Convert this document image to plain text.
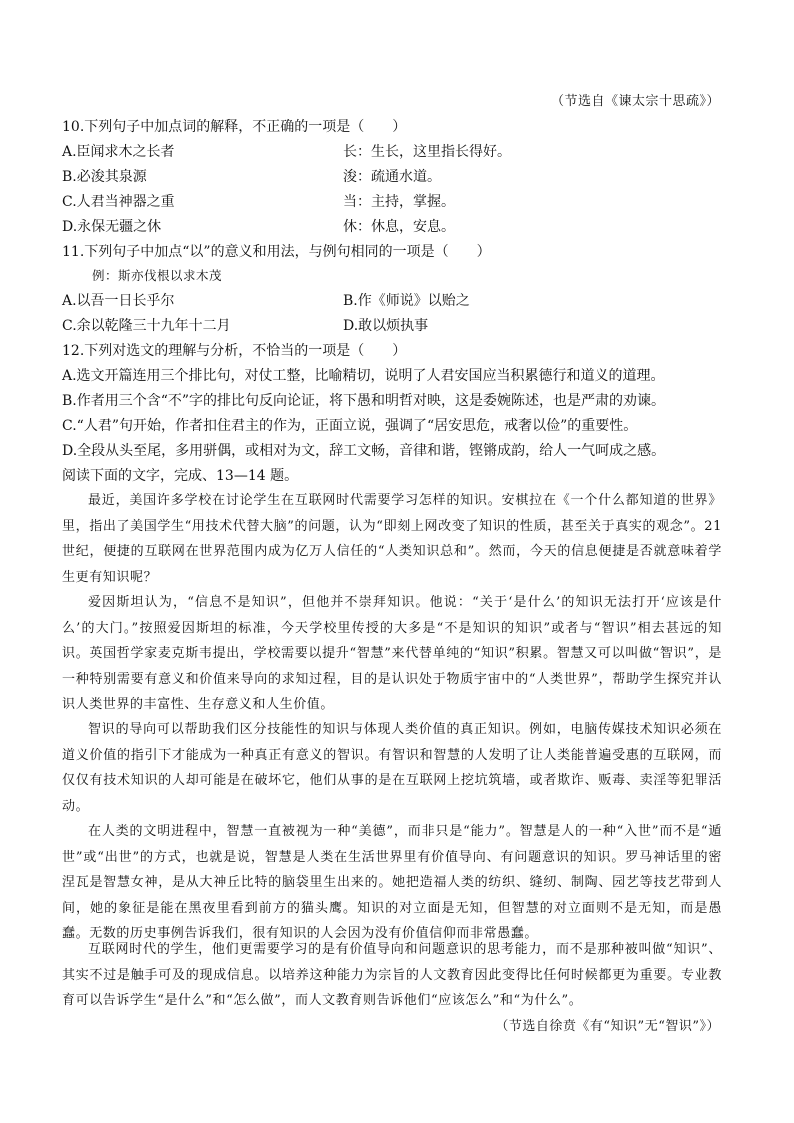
（节选自《谏太宗十思疏》）
10.下列句子中加点词的解释，不正确的一项是（　　）
A.臣闻求木之长者	长：生长，这里指长得好。
B.必浚其泉源	浚：疏通水道。
C.人君当神器之重	当：主持，掌握。
D.永保无疆之休	休：休息，安息。
11.下列句子中加点“以”的意义和用法，与例句相同的一项是（　　）
例：斯亦伐根以求木茂
A.以吾一日长乎尔	B.作《师说》以贻之
C.余以乾隆三十九年十二月	D.敢以烦执事
12.下列对选文的理解与分析，不恰当的一项是（　　）
A.选文开篇连用三个排比句，对仗工整，比喻精切，说明了人君安国应当积累德行和道义的道理。
B.作者用三个含“不”字的排比句反向论证，将下愚和明哲对映，这是委婉陈述，也是严肃的劝谏。
C.“人君”句开始，作者扣住君主的作为，正面立说，强调了“居安思危，戒奢以俭”的重要性。
D.全段从头至尾，多用骈偶，或相对为文，辞工文畅，音律和谐，铿锵成韵，给人一气呵成之感。
阅读下面的文字，完成、13—14 题。

最近，美国许多学校在讨论学生在互联网时代需要学习怎样的知识。安棋拉在《一个什么都知道的世界》里，指出了美国学生“用技术代替大脑”的问题，认为“即刻上网改变了知识的性质，甚至关于真实的观念”。21 世纪，便捷的互联网在世界范围内成为亿万人信任的“人类知识总和”。然而，今天的信息便捷是否就意味着学生更有知识呢？

爱因斯坦认为，“信息不是知识”，但他并不崇拜知识。他说：“关于‘是什么’的知识无法打开‘应该是什么’的大门。”按照爱因斯坦的标准，今天学校里传授的大多是“不是知识的知识”或者与“智识”相去甚远的知识。英国哲学家麦克斯韦提出，学校需要以提升“智慧”来代替单纯的“知识”积累。智慧又可以叫做“智识”，是一种特别需要有意义和价值来导向的求知过程，目的是认识处于物质宇宙中的“人类世界”，帮助学生探究并认识人类世界的丰富性、生存意义和人生价值。

智识的导向可以帮助我们区分技能性的知识与体现人类价值的真正知识。例如，电脑传媒技术知识必须在道义价值的指引下才能成为一种真正有意义的智识。有智识和智慧的人发明了让人类能普遍受惠的互联网，而仅仅有技术知识的人却可能是在破坏它，他们从事的是在互联网上挖坑筑墙，或者欺诈、贩毒、卖淫等犯罪活动。

在人类的文明进程中，智慧一直被视为一种“美德”，而非只是“能力”。智慧是人的一种“入世”而不是“遁世”或“出世”的方式，也就是说，智慧是人类在生活世界里有价值导向、有问题意识的知识。罗马神话里的密涅瓦是智慧女神，是从大神丘比特的脑袋里生出来的。她把造福人类的纺织、缝纫、制陶、园艺等技艺带到人间，她的象征是能在黑夜里看到前方的猫头鹰。知识的对立面是无知，但智慧的对立面则不是无知，而是愚蠢。无数的历史事例告诉我们，很有知识的人会因为没有价值信仰而非常愚蠢。

互联网时代的学生，他们更需要学习的是有价值导向和问题意识的思考能力，而不是那种被叫做“知识”、其实不过是触手可及的现成信息。以培养这种能力为宗旨的人文教育因此变得比任何时候都更为重要。专业教育可以告诉学生“是什么”和“怎么做”，而人文教育则告诉他们“应该怎么”和“为什么”。

（节选自徐贲《有“知识”无“智识”》）
